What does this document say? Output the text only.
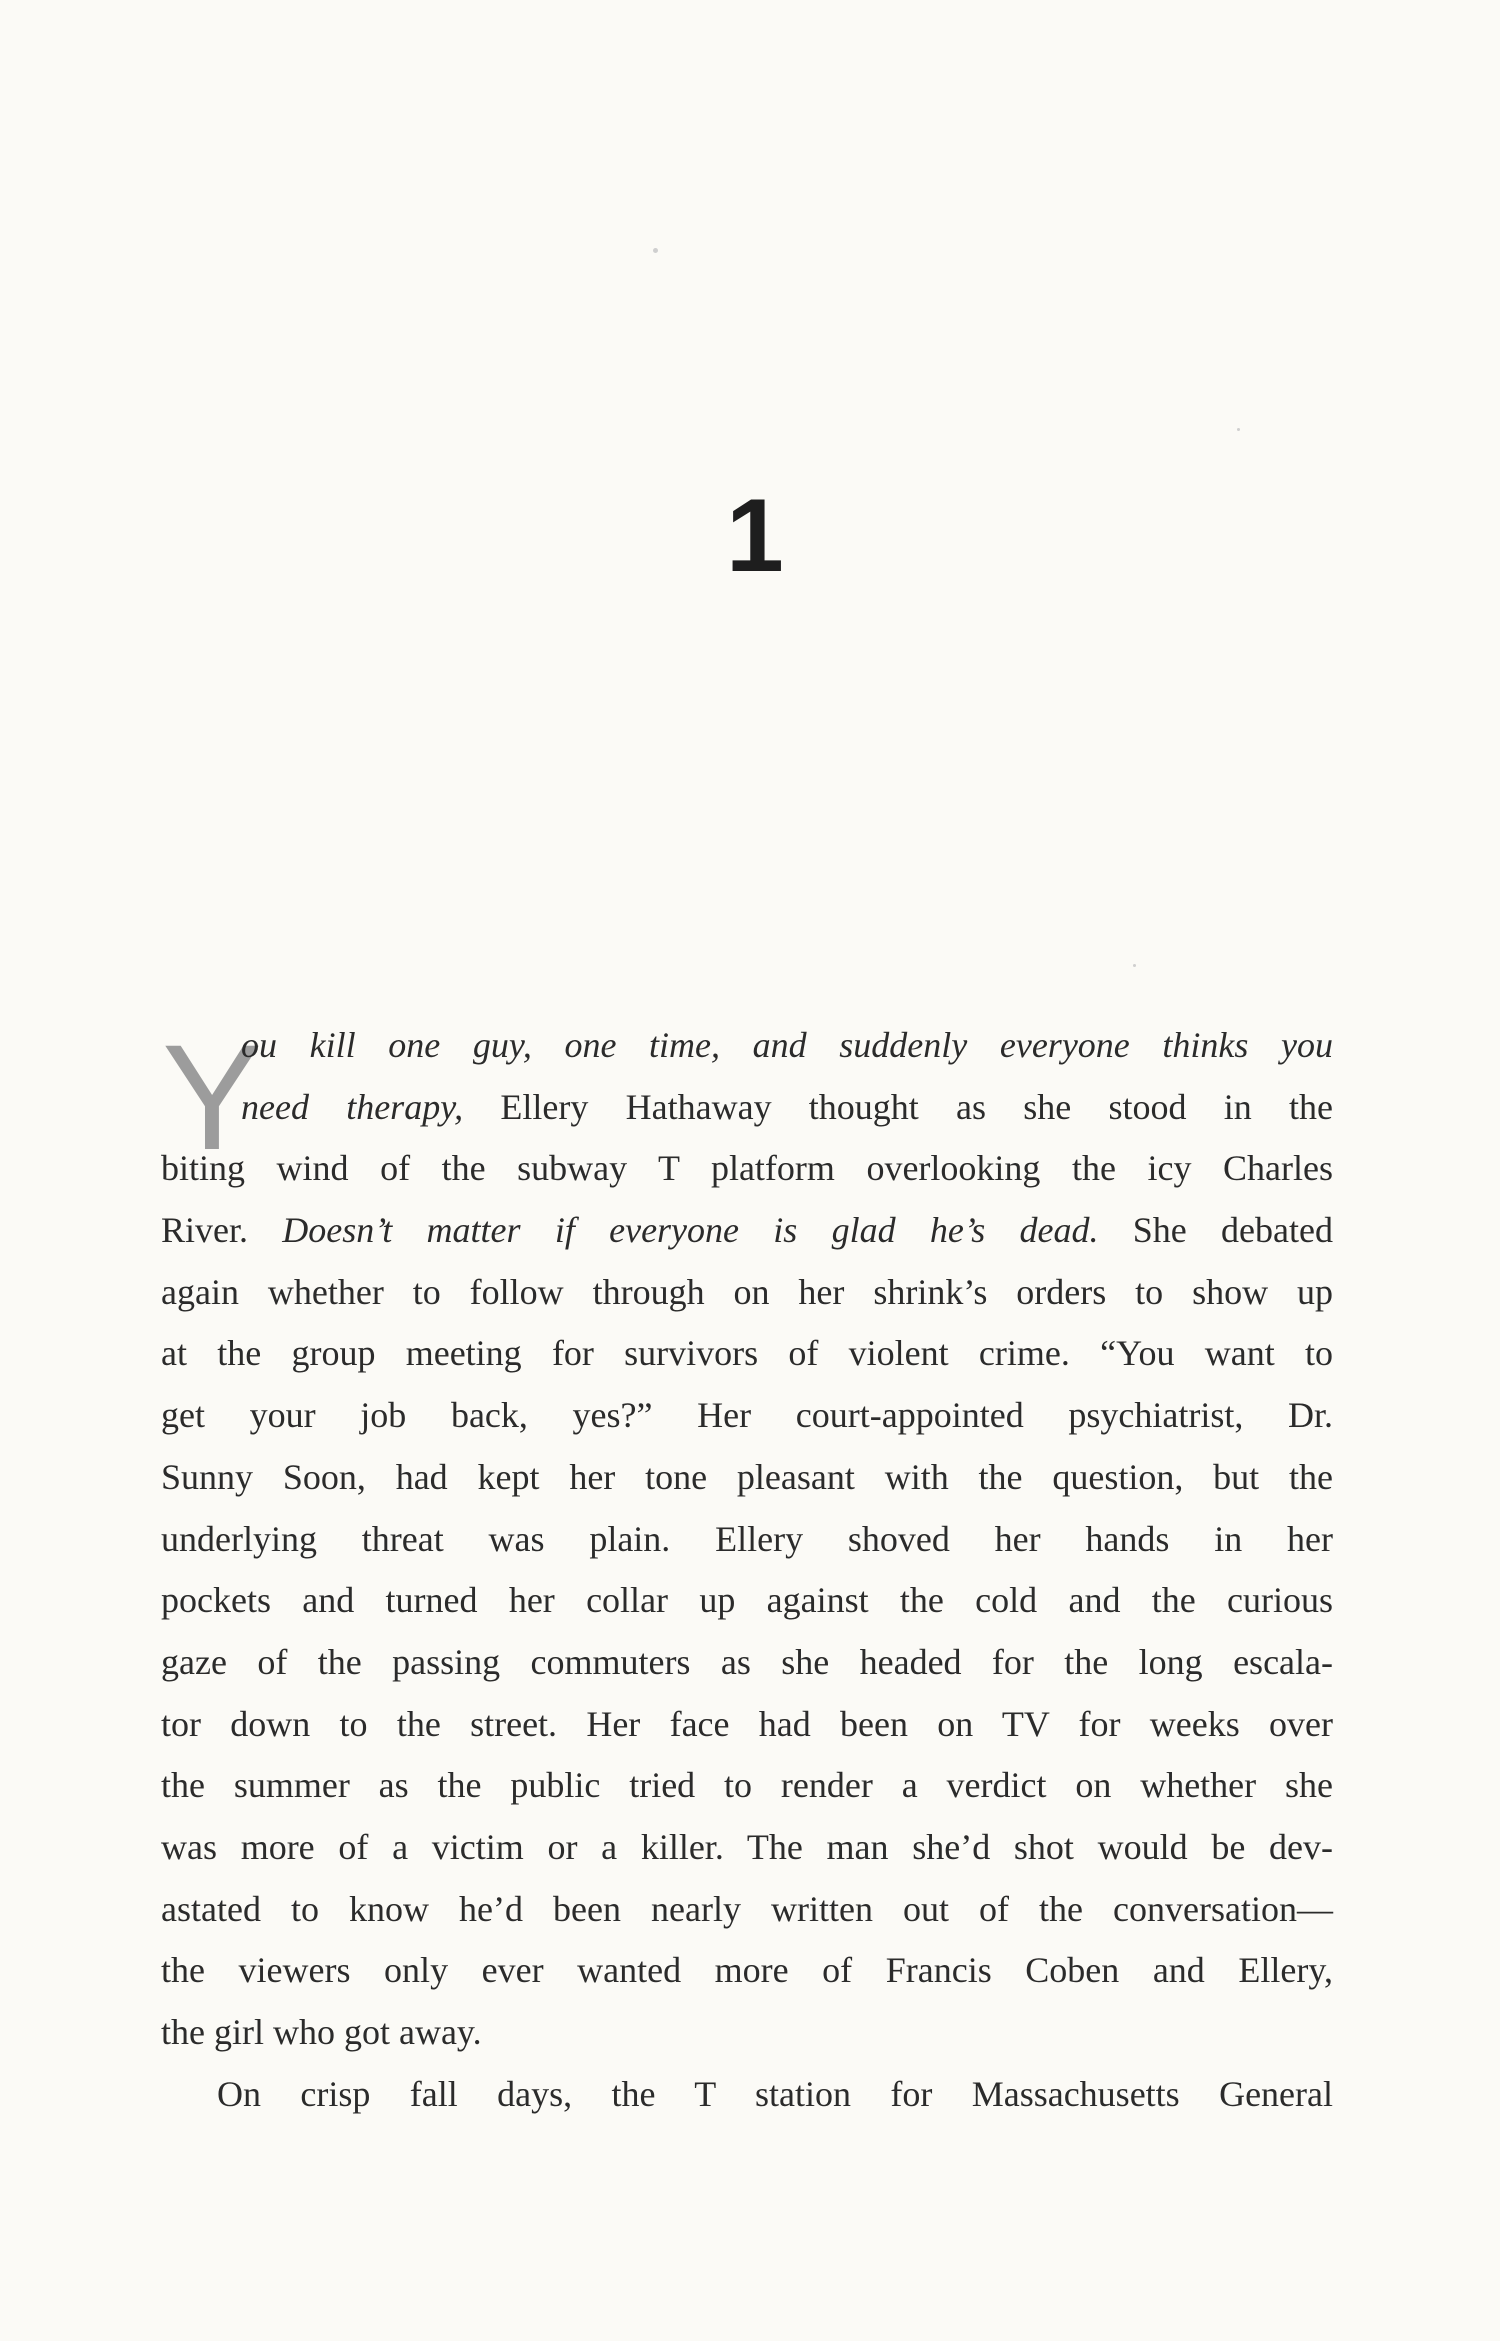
1
Y
ou kill one guy, one time, and suddenly everyone thinks you
need therapy, Ellery Hathaway thought as she stood in the
biting wind of the subway T platform overlooking the icy Charles
River. Doesn’t matter if everyone is glad he’s dead. She debated
again whether to follow through on her shrink’s orders to show up
at the group meeting for survivors of violent crime. “You want to
get your job back, yes?” Her court-appointed psychiatrist, Dr.
Sunny Soon, had kept her tone pleasant with the question, but the
underlying threat was plain. Ellery shoved her hands in her
pockets and turned her collar up against the cold and the curious
gaze of the passing commuters as she headed for the long escala-
tor down to the street. Her face had been on TV for weeks over
the summer as the public tried to render a verdict on whether she
was more of a victim or a killer. The man she’d shot would be dev-
astated to know he’d been nearly written out of the conversation—
the viewers only ever wanted more of Francis Coben and Ellery,
the girl who got away.
On crisp fall days, the T station for Massachusetts General
